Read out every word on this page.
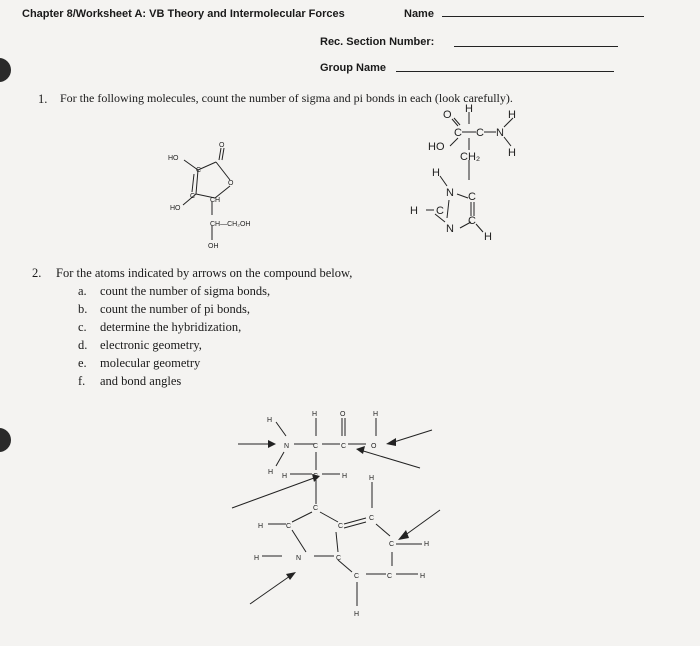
Chapter 8/Worksheet A: VB Theory and Intermolecular Forces	Name
Rec. Section Number:
Group Name
1. For the following molecules, count the number of sigma and pi bonds in each (look carefully).
2. For the atoms indicated by arrows on the compound below,
a. count the number of sigma bonds,
b. count the number of pi bonds,
c. determine the hybridization,
d. electronic geometry,
e. molecular geometry
f. and bond angles
HO
O
C
O
CH
C
HO
CH—CH₂OH
OH
H	H
O
C C N
HO	H
CH₂
H
N C
H C
C
N
H
H
H	O	H
N	C	C	O
H
H	C	H	H
C
H	C	C
C
C	H
H	N	C
C	C	H
H
